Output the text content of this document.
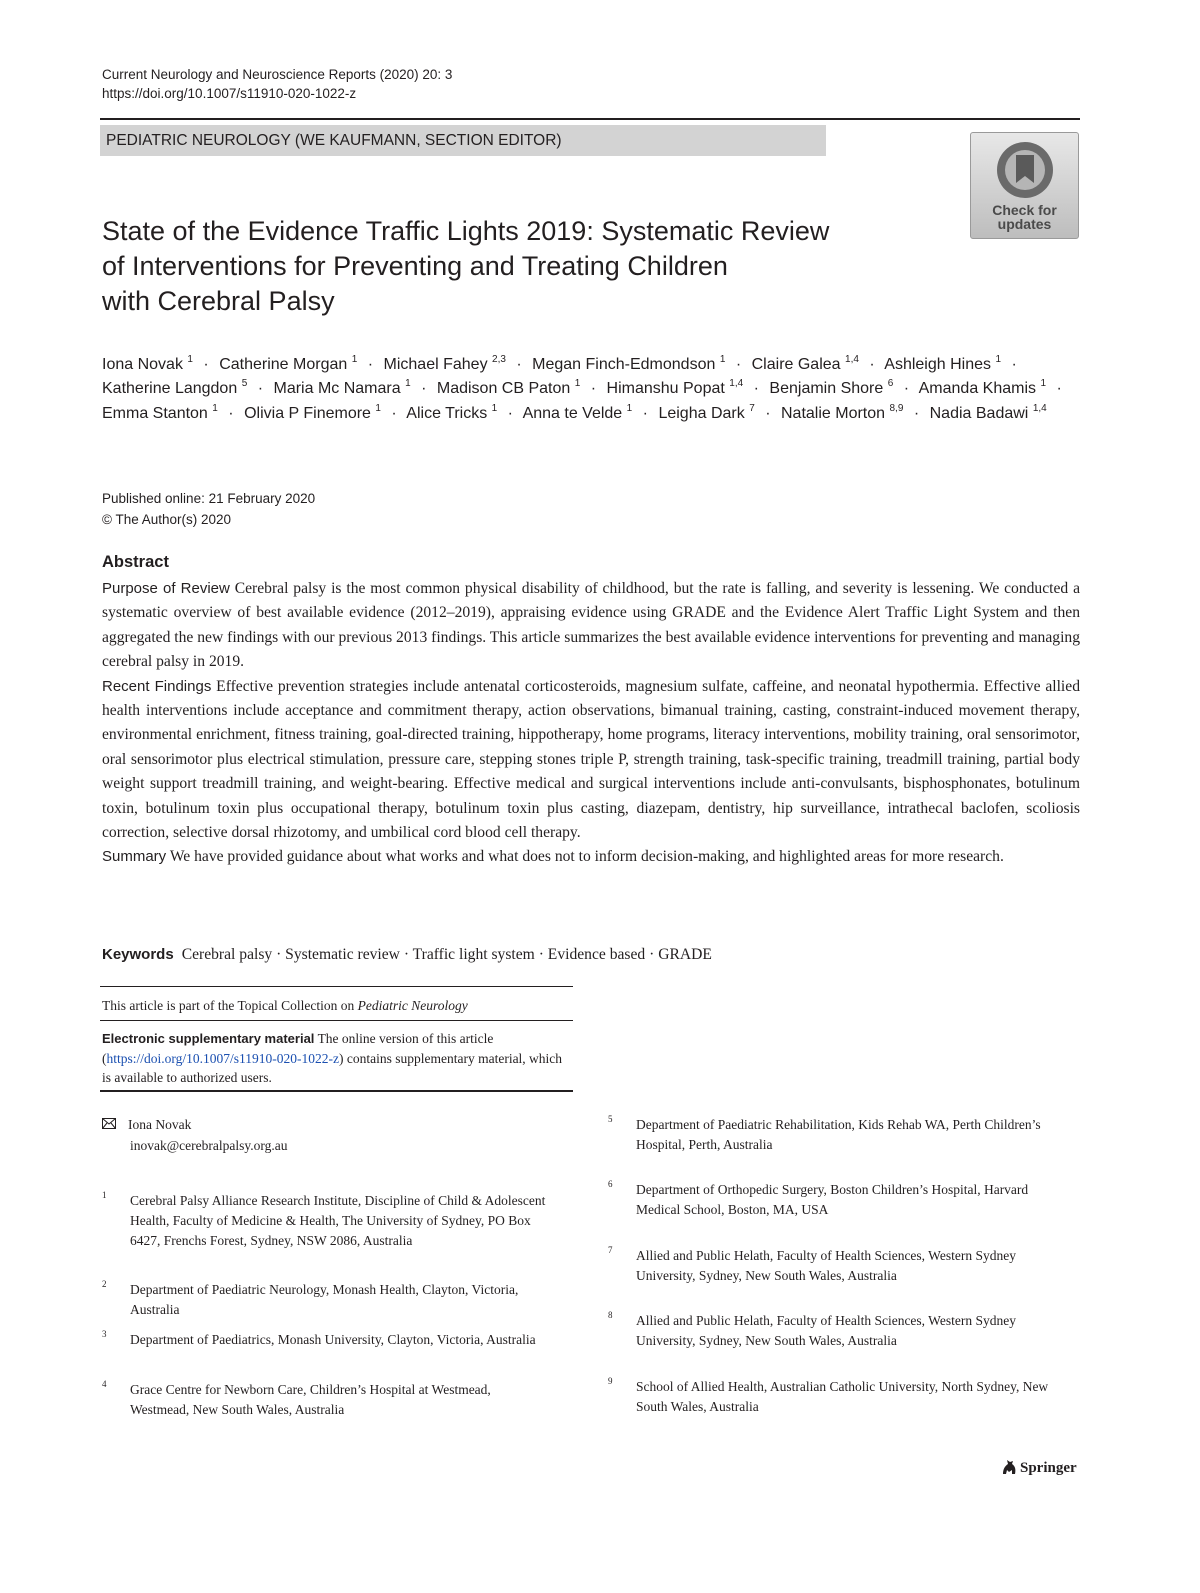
Current Neurology and Neuroscience Reports (2020) 20: 3
https://doi.org/10.1007/s11910-020-1022-z
PEDIATRIC NEUROLOGY (WE KAUFMANN, SECTION EDITOR)
Check for
updates
State of the Evidence Traffic Lights 2019: Systematic Review
of Interventions for Preventing and Treating Children
with Cerebral Palsy
Iona Novak $^1$ · Catherine Morgan $^1$ · Michael Fahey $^{2,3}$ · Megan Finch-Edmondson $^1$ · Claire Galea $^{1,4}$ · Ashleigh Hines $^1$ · Katherine Langdon $^5$ · Maria Mc Namara $^1$ · Madison CB Paton $^1$ · Himanshu Popat $^{1,4}$ · Benjamin Shore $^6$ · Amanda Khamis $^1$ · Emma Stanton $^1$ · Olivia P Finemore $^1$ · Alice Tricks $^1$ · Anna te Velde $^1$ · Leigha Dark $^7$ · Natalie Morton $^{8,9}$ · Nadia Badawi $^{1,4}$
Published online: 21 February 2020
© The Author(s) 2020
Abstract
Purpose of Review Cerebral palsy is the most common physical disability of childhood, but the rate is falling, and severity is lessening. We conducted a systematic overview of best available evidence (2012–2019), appraising evidence using GRADE and the Evidence Alert Traffic Light System and then aggregated the new findings with our previous 2013 findings. This article summarizes the best available evidence interventions for preventing and managing cerebral palsy in 2019.
Recent Findings Effective prevention strategies include antenatal corticosteroids, magnesium sulfate, caffeine, and neonatal hypothermia. Effective allied health interventions include acceptance and commitment therapy, action observations, bimanual training, casting, constraint-induced movement therapy, environmental enrichment, fitness training, goal-directed training, hippotherapy, home programs, literacy interventions, mobility training, oral sensorimotor, oral sensorimotor plus electrical stimulation, pressure care, stepping stones triple P, strength training, task-specific training, treadmill training, partial body weight support treadmill training, and weight-bearing. Effective medical and surgical interventions include anti-convulsants, bisphosphonates, botulinum toxin, botulinum toxin plus occupational therapy, botulinum toxin plus casting, diazepam, dentistry, hip surveillance, intrathecal baclofen, scoliosis correction, selective dorsal rhizotomy, and umbilical cord blood cell therapy.
Summary We have provided guidance about what works and what does not to inform decision-making, and highlighted areas for more research.
Keywords Cerebral palsy · Systematic review · Traffic light system · Evidence based · GRADE
This article is part of the Topical Collection on Pediatric Neurology
Electronic supplementary material The online version of this article (https://doi.org/10.1007/s11910-020-1022-z) contains supplementary material, which is available to authorized users.
Iona Novak
inovak@cerebralpalsy.org.au
1	Cerebral Palsy Alliance Research Institute, Discipline of Child & Adolescent Health, Faculty of Medicine & Health, The University of Sydney, PO Box 6427, Frenchs Forest, Sydney, NSW 2086, Australia
2	Department of Paediatric Neurology, Monash Health, Clayton, Victoria, Australia
3	Department of Paediatrics, Monash University, Clayton, Victoria, Australia
4	Grace Centre for Newborn Care, Children’s Hospital at Westmead, Westmead, New South Wales, Australia
5	Department of Paediatric Rehabilitation, Kids Rehab WA, Perth Children’s Hospital, Perth, Australia
6	Department of Orthopedic Surgery, Boston Children’s Hospital, Harvard Medical School, Boston, MA, USA
7	Allied and Public Helath, Faculty of Health Sciences, Western Sydney University, Sydney, New South Wales, Australia
8	Allied and Public Helath, Faculty of Health Sciences, Western Sydney University, Sydney, New South Wales, Australia
9	School of Allied Health, Australian Catholic University, North Sydney, New South Wales, Australia
Springer
